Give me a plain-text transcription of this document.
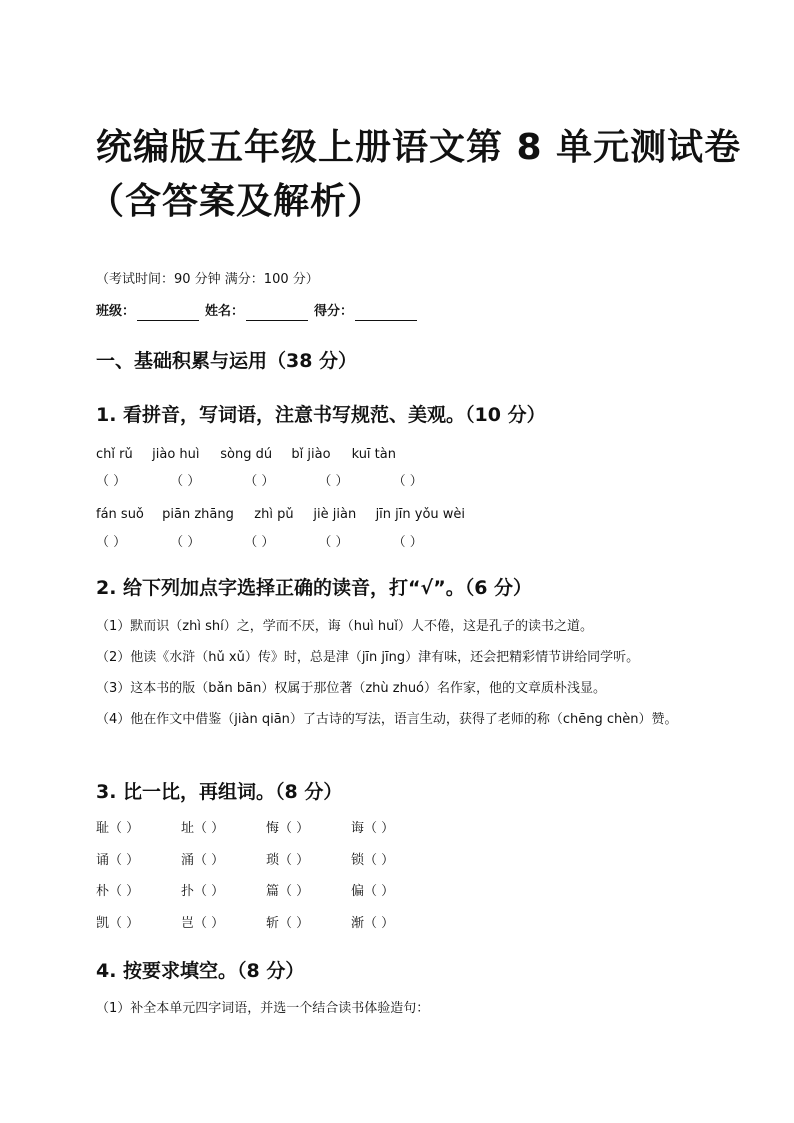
统编版五年级上册语文第 8 单元测试卷
（含答案及解析）
（考试时间：90 分钟 满分：100 分）
班级：	姓名：	得分：
一、基础积累与运用（38 分）
1. 看拼音，写词语，注意书写规范、美观。（10 分）
chǐ rǔ jiào huì sòng dú bǐ jiào kuī tàn
（ ）	（ ）	（ ）	（ ）	（ ）
fán suǒ piān zhāng zhì pǔ jiè jiàn jīn jīn yǒu wèi
（ ）	（ ）	（ ）	（ ）	（ ）
2. 给下列加点字选择正确的读音，打“√”。（6 分）
（1）默而识（zhì shí）之，学而不厌，诲（huì huǐ）人不倦，这是孔子的读书之道。
（2）他读《水浒（hǔ xǔ）传》时，总是津（jīn jīng）津有味，还会把精彩情节讲给同学听。
（3）这本书的版（bǎn bān）权属于那位著（zhù zhuó）名作家，他的文章质朴浅显。
（4）他在作文中借鉴（jiàn qiān）了古诗的写法，语言生动，获得了老师的称（chēng chèn）赞。
3. 比一比，再组词。（8 分）
耻（ ）	址（ ）	悔（ ）	诲（ ）
诵（ ）	涌（ ）	琐（ ）	锁（ ）
朴（ ）	扑（ ）	篇（ ）	偏（ ）
凯（ ）	岂（ ）	斩（ ）	渐（ ）
4. 按要求填空。（8 分）
（1）补全本单元四字词语，并选一个结合读书体验造句：
